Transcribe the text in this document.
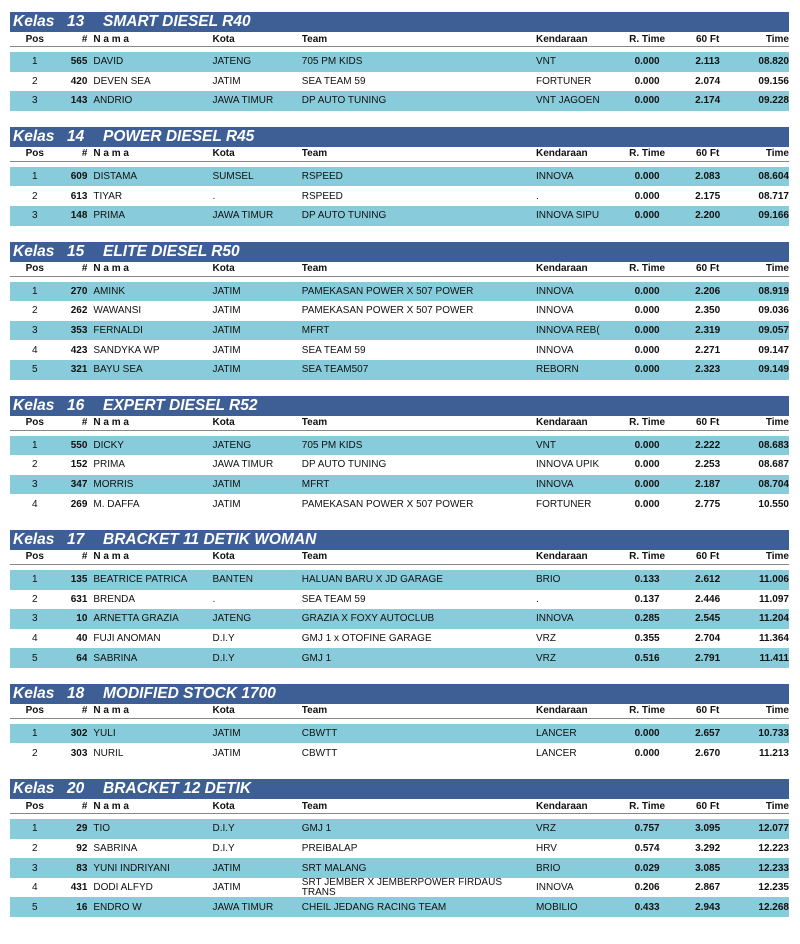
Kelas 13	SMART DIESEL R40
Pos	# N a m a	Kota	Team	Kendaraan	R. Time	60 Ft	Time
1	565 DAVID	JATENG	705 PM KIDS	VNT	0.000	2.113	08.820
2	420 DEVEN SEA	JATIM	SEA TEAM 59	FORTUNER	0.000	2.074	09.156
3	143 ANDRIO	JAWA TIMUR	DP AUTO TUNING	VNT JAGOEN	0.000	2.174	09.228
Kelas 14	POWER DIESEL R45
Pos	# N a m a	Kota	Team	Kendaraan	R. Time	60 Ft	Time
1	609 DISTAMA	SUMSEL	RSPEED	INNOVA	0.000	2.083	08.604
2	613 TIYAR	.	RSPEED	.	0.000	2.175	08.717
3	148 PRIMA	JAWA TIMUR	DP AUTO TUNING	INNOVA SIPU	0.000	2.200	09.166
Kelas 15	ELITE DIESEL R50
Pos	# N a m a	Kota	Team	Kendaraan	R. Time	60 Ft	Time
1	270 AMINK	JATIM	PAMEKASAN POWER X 507 POWER	INNOVA	0.000	2.206	08.919
2	262 WAWANSI	JATIM	PAMEKASAN POWER X 507 POWER	INNOVA	0.000	2.350	09.036
3	353 FERNALDI	JATIM	MFRT	INNOVA REB(	0.000	2.319	09.057
4	423 SANDYKA WP	JATIM	SEA TEAM 59	INNOVA	0.000	2.271	09.147
5	321 BAYU SEA	JATIM	SEA TEAM507	REBORN	0.000	2.323	09.149
Kelas 16	EXPERT DIESEL R52
Pos	# N a m a	Kota	Team	Kendaraan	R. Time	60 Ft	Time
1	550 DICKY	JATENG	705 PM KIDS	VNT	0.000	2.222	08.683
2	152 PRIMA	JAWA TIMUR	DP AUTO TUNING	INNOVA UPIK	0.000	2.253	08.687
3	347 MORRIS	JATIM	MFRT	INNOVA	0.000	2.187	08.704
4	269 M. DAFFA	JATIM	PAMEKASAN POWER X 507 POWER	FORTUNER	0.000	2.775	10.550
Kelas 17	BRACKET 11 DETIK WOMAN
Pos	# N a m a	Kota	Team	Kendaraan	R. Time	60 Ft	Time
1	135 BEATRICE PATRICA	BANTEN	HALUAN BARU X JD GARAGE	BRIO	0.133	2.612	11.006
2	631 BRENDA	.	SEA TEAM 59	.	0.137	2.446	11.097
3	10 ARNETTA GRAZIA	JATENG	GRAZIA X FOXY AUTOCLUB	INNOVA	0.285	2.545	11.204
4	40 FUJI ANOMAN	D.I.Y	GMJ 1 x OTOFINE GARAGE	VRZ	0.355	2.704	11.364
5	64 SABRINA	D.I.Y	GMJ 1	VRZ	0.516	2.791	11.411
Kelas 18	MODIFIED STOCK 1700
Pos	# N a m a	Kota	Team	Kendaraan	R. Time	60 Ft	Time
1	302 YULI	JATIM	CBWTT	LANCER	0.000	2.657	10.733
2	303 NURIL	JATIM	CBWTT	LANCER	0.000	2.670	11.213
Kelas 20	BRACKET 12 DETIK
Pos	# N a m a	Kota	Team	Kendaraan	R. Time	60 Ft	Time
1	29 TIO	D.I.Y	GMJ 1	VRZ	0.757	3.095	12.077
2	92 SABRINA	D.I.Y	PREIBALAP	HRV	0.574	3.292	12.223
3	83 YUNI INDRIYANI	JATIM	SRT MALANG	BRIO	0.029	3.085	12.233
4	431 DODI ALFYD	JATIM	SRT JEMBER X JEMBERPOWER FIRDAUS TRANS	INNOVA	0.206	2.867	12.235
5	16 ENDRO W	JAWA TIMUR	CHEIL JEDANG RACING TEAM	MOBILIO	0.433	2.943	12.268
